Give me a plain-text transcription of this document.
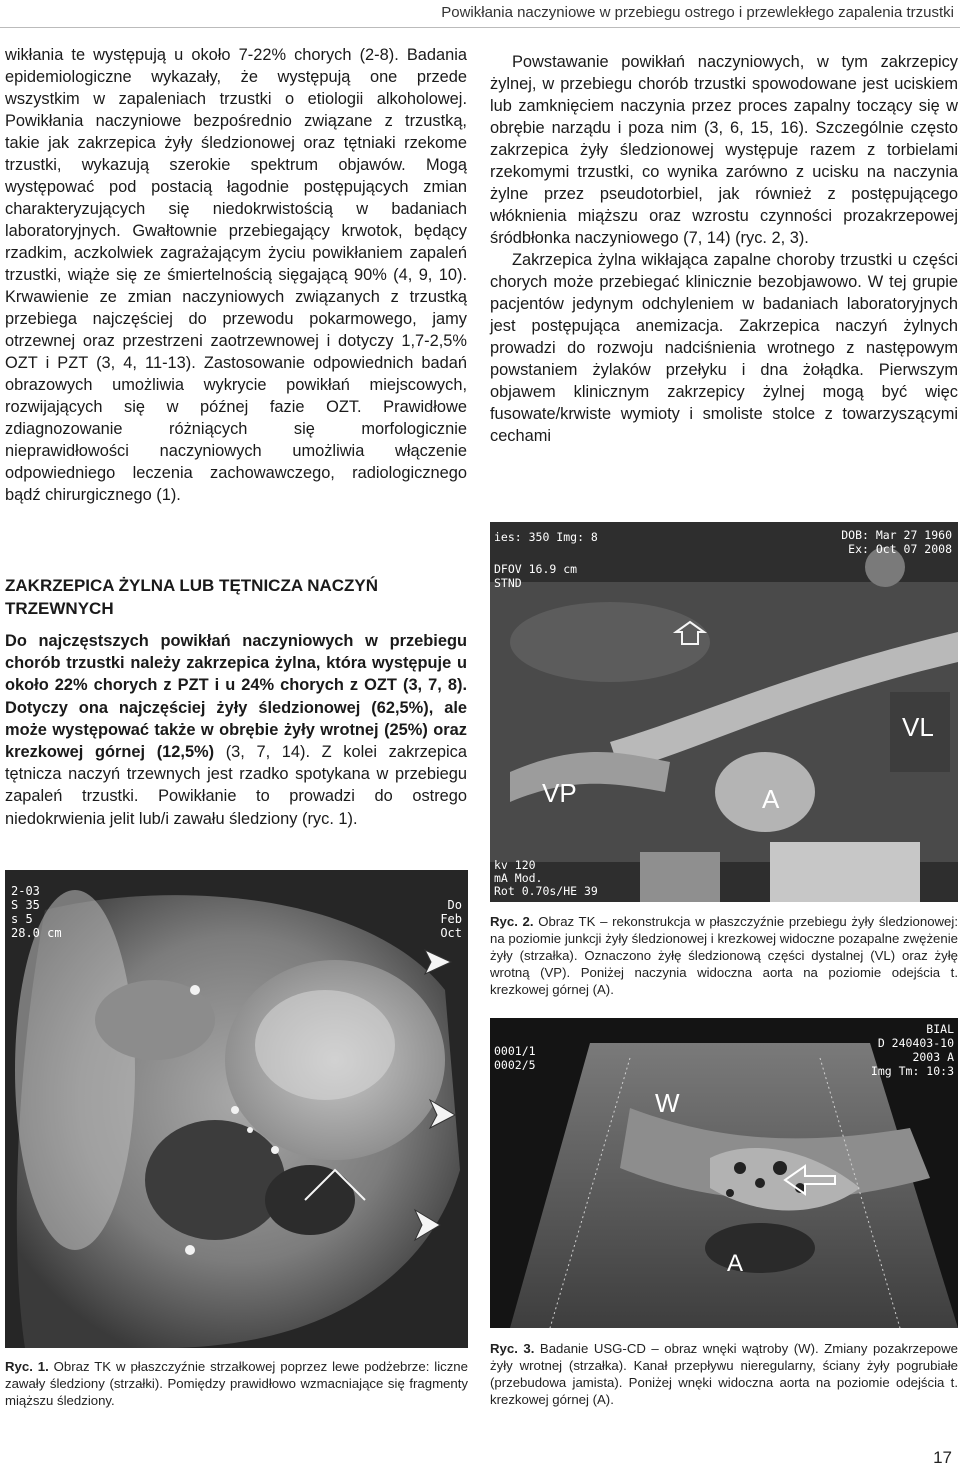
Powikłania naczyniowe w przebiegu ostrego i przewlekłego zapalenia trzustki

wikłania te występują u około 7-22% chorych (2-8). Badania epidemiologiczne wykazały, że występują one przede wszystkim w zapaleniach trzustki o etiologii alkoholowej. Powikłania naczyniowe bezpośrednio związane z trzustką, takie jak zakrzepica żyły śledzionowej oraz tętniaki rzekome trzustki, wykazują szerokie spektrum objawów. Mogą występować pod postacią łagodnie postępujących zmian charakteryzujących się niedokrwistością w badaniach laboratoryjnych. Gwałtownie przebiegający krwotok, będący rzadkim, aczkolwiek zagrażającym życiu powikłaniem zapaleń trzustki, wiąże się ze śmiertelnością sięgającą 90% (4, 9, 10). Krwawienie ze zmian naczyniowych związanych z trzustką przebiega najczęściej do przewodu pokarmowego, jamy otrzewnej oraz przestrzeni zaotrzewnowej i dotyczy 1,7-2,5% OZT i PZT (3, 4, 11-13). Zastosowanie odpowiednich badań obrazowych umożliwia wykrycie powikłań miejscowych, rozwijających się w późnej fazie OZT. Prawidłowe zdiagnozowanie różniących się morfologicznie nieprawidłowości naczyniowych umożliwia włączenie odpowiedniego leczenia zachowawczego, radiologicznego bądź chirurgicznego (1).

ZAKRZEPICA ŻYLNA LUB TĘTNICZA NACZYŃ TRZEWNYCH
Do najczęstszych powikłań naczyniowych w przebiegu chorób trzustki należy zakrzepica żylna, która występuje u około 22% chorych z PZT i u 24% chorych z OZT (3, 7, 8). Dotyczy ona najczęściej żyły śledzionowej (62,5%), ale może występować także w obrębie żyły wrotnej (25%) oraz krezkowej górnej (12,5%) (3, 7, 14). Z kolei zakrzepica tętnicza naczyń trzewnych jest rzadko spotykana w przebiegu zapaleń trzustki. Powikłanie to prowadzi do ostrego niedokrwienia jelit lub/i zawału śledziony (ryc. 1).

Powstawanie powikłań naczyniowych, w tym zakrzepicy żylnej, w przebiegu chorób trzustki spowodowane jest uciskiem lub zamknięciem naczynia przez proces zapalny toczący się w obrębie narządu i poza nim (3, 6, 15, 16). Szczególnie często zakrzepica żyły śledzionowej występuje razem z torbielami rzekomymi trzustki, co wynika zarówno z ucisku na naczynia żylne przez pseudotorbiel, jak również z postępującego włóknienia miąższu oraz wzrostu czynności prozakrzepowej śródbłonka naczyniowego (7, 14) (ryc. 2, 3).

Zakrzepica żylna wikłająca zapalne choroby trzustki u części chorych może przebiegać klinicznie bezobjawowo. W tej grupie pacjentów jedynym odchyleniem w badaniach laboratoryjnych jest postępująca anemizacja. Zakrzepica naczyń żylnych prowadzi do rozwoju nadciśnienia wrotnego z następowym powstaniem żylaków przełyku i dna żołądka. Pierwszym objawem klinicznym zakrzepicy żylnej mogą być więc fusowate/krwiste wymioty i smoliste stolce z towarzyszącymi cechami

2-03
S 35
s 5
28.0 cm
Do
Feb
Oct
Ryc. 1. Obraz TK w płaszczyźnie strzałkowej poprzez lewe podżebrze: liczne zawały śledziony (strzałki). Pomiędzy prawidłowo wzmacniające się fragmenty miąższu śledziony.
ies: 350 Img: 8
DFOV 16.9 cm
STND
DOB: Mar 27 1960
Ex: Oct 07 2008
kv 120
mA Mod.
Rot 0.70s/HE 39
VL
VP	A
Ryc. 2. Obraz TK – rekonstrukcja w płaszczyźnie przebiegu żyły śledzionowej: na poziomie junkcji żyły śledzionowej i krezkowej widoczne pozapalne zwężenie żyły (strzałka). Oznaczono żyłę śledzionową części dystalnej (VL) oraz żyłę wrotną (VP). Poniżej naczynia widoczna aorta na poziomie odejścia t. krezkowej górnej (A).
0001/1
0002/5
BIAL
D 240403-10
2003 A
Img Tm: 10:3
W
A
Ryc. 3. Badanie USG-CD – obraz wnęki wątroby (W). Zmiany pozakrzepowe żyły wrotnej (strzałka). Kanał przepływu nieregularny, ściany żyły pogrubiałe (przebudowa jamista). Poniżej wnęki widoczna aorta na poziomie odejścia t. krezkowej górnej (A).
17
